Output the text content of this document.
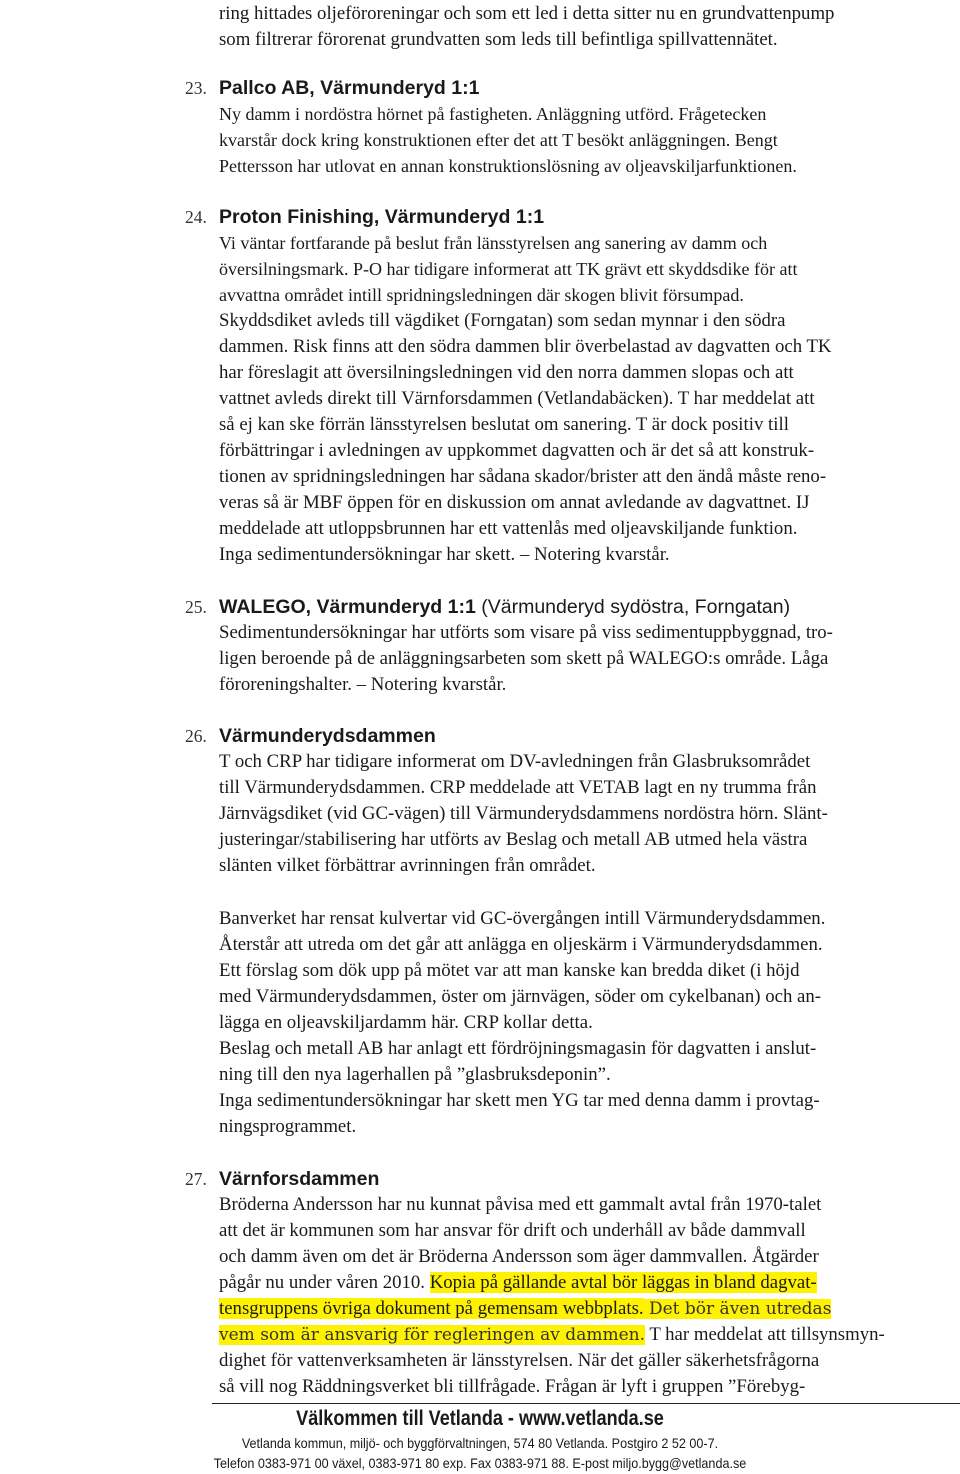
ring hittades oljeföroreningar och som ett led i detta sitter nu en grundvattenpump
som filtrerar förorenat grundvatten som leds till befintliga spillvattennätet.
23. Pallco AB, Värmunderyd 1:1
Ny damm i nordöstra hörnet på fastigheten. Anläggning utförd. Frågetecken
kvarstår dock kring konstruktionen efter det att T besökt anläggningen. Bengt
Pettersson har utlovat en annan konstruktionslösning av oljeavskiljarfunktionen.
24. Proton Finishing, Värmunderyd 1:1
Vi väntar fortfarande på beslut från länsstyrelsen ang sanering av damm och
översilningsmark. P-O har tidigare informerat att TK grävt ett skyddsdike för att
avvattna området intill spridningsledningen där skogen blivit försumpad.
Skyddsdiket avleds till vägdiket (Forngatan) som sedan mynnar i den södra
dammen. Risk finns att den södra dammen blir överbelastad av dagvatten och TK
har föreslagit att översilningsledningen vid den norra dammen slopas och att
vattnet avleds direkt till Värnforsdammen (Vetlandabäcken). T har meddelat att
så ej kan ske förrän länsstyrelsen beslutat om sanering. T är dock positiv till
förbättringar i avledningen av uppkommet dagvatten och är det så att konstruk-
tionen av spridningsledningen har sådana skador/brister att den ändå måste reno-
veras så är MBF öppen för en diskussion om annat avledande av dagvattnet. IJ
meddelade att utloppsbrunnen har ett vattenlås med oljeavskiljande funktion.
Inga sedimentundersökningar har skett. – Notering kvarstår.
25. WALEGO, Värmunderyd 1:1 (Värmunderyd sydöstra, Forngatan)
Sedimentundersökningar har utförts som visare på viss sedimentuppbyggnad, tro-
ligen beroende på de anläggningsarbeten som skett på WALEGO:s område. Låga
föroreningshalter. – Notering kvarstår.
26. Värmunderydsdammen
T och CRP har tidigare informerat om DV-avledningen från Glasbruksområdet
till Värmunderydsdammen. CRP meddelade att VETAB lagt en ny trumma från
Järnvägsdiket (vid GC-vägen) till Värmunderydsdammens nordöstra hörn. Slänt-
justeringar/stabilisering har utförts av Beslag och metall AB utmed hela västra
slänten vilket förbättrar avrinningen från området.
Banverket har rensat kulvertar vid GC-övergången intill Värmunderydsdammen.
Återstår att utreda om det går att anlägga en oljeskärm i Värmunderydsdammen.
Ett förslag som dök upp på mötet var att man kanske kan bredda diket (i höjd
med Värmunderydsdammen, öster om järnvägen, söder om cykelbanan) och an-
lägga en oljeavskiljardamm här. CRP kollar detta.
Beslag och metall AB har anlagt ett fördröjningsmagasin för dagvatten i anslut-
ning till den nya lagerhallen på ”glasbruksdeponin”.
Inga sedimentundersökningar har skett men YG tar med denna damm i provtag-
ningsprogrammet.
27. Värnforsdammen
Bröderna Andersson har nu kunnat påvisa med ett gammalt avtal från 1970-talet
att det är kommunen som har ansvar för drift och underhåll av både dammvall
och damm även om det är Bröderna Andersson som äger dammvallen. Åtgärder
pågår nu under våren 2010. Kopia på gällande avtal bör läggas in bland dagvat-
tensgruppens övriga dokument på gemensam webbplats. Det bör även utredas
vem som är ansvarig för regleringen av dammen. T har meddelat att tillsynsmyn-
dighet för vattenverksamheten är länsstyrelsen. När det gäller säkerhetsfrågorna
så vill nog Räddningsverket bli tillfrågade. Frågan är lyft i gruppen ”Förebyg-
Välkommen till Vetlanda - www.vetlanda.se
Vetlanda kommun, miljö- och byggförvaltningen, 574 80 Vetlanda. Postgiro 2 52 00-7.
Telefon 0383-971 00 växel, 0383-971 80 exp. Fax 0383-971 88. E-post miljo.bygg@vetlanda.se
